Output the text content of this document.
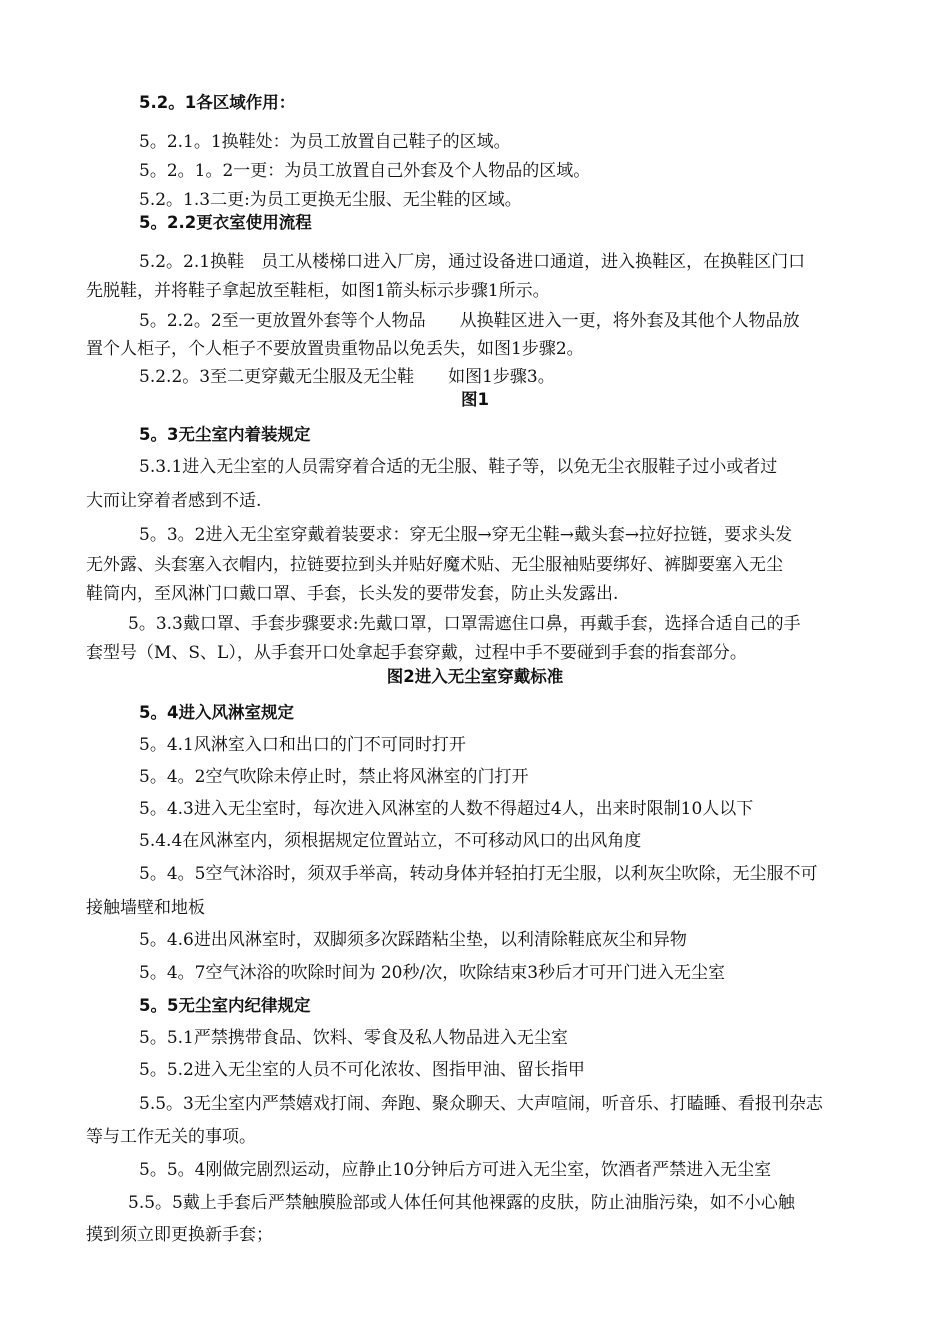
5.2。1各区域作用：
5。2.1。1换鞋处：为员工放置自己鞋子的区域。
5。2。1。2一更：为员工放置自己外套及个人物品的区域。
5.2。1.3二更:为员工更换无尘服、无尘鞋的区域。
5。2.2更衣室使用流程
5.2。2.1换鞋　员工从楼梯口进入厂房，通过设备进口通道，进入换鞋区，在换鞋区门口
先脱鞋，并将鞋子拿起放至鞋柜，如图1箭头标示步骤1所示。
5。2.2。2至一更放置外套等个人物品　　从换鞋区进入一更，将外套及其他个人物品放
置个人柜子，个人柜子不要放置贵重物品以免丢失，如图1步骤2。
5.2.2。3至二更穿戴无尘服及无尘鞋　　如图1步骤3。
图1
5。3无尘室内着装规定
5.3.1进入无尘室的人员需穿着合适的无尘服、鞋子等，以免无尘衣服鞋子过小或者过
大而让穿着者感到不适.
5。3。2进入无尘室穿戴着装要求：穿无尘服→穿无尘鞋→戴头套→拉好拉链，要求头发
无外露、头套塞入衣帽内，拉链要拉到头并贴好魔术贴、无尘服袖贴要绑好、裤脚要塞入无尘
鞋筒内，至风淋门口戴口罩、手套，长头发的要带发套，防止头发露出.
5。3.3戴口罩、手套步骤要求:先戴口罩，口罩需遮住口鼻，再戴手套，选择合适自己的手
套型号（M、S、L），从手套开口处拿起手套穿戴，过程中手不要碰到手套的指套部分。
图2进入无尘室穿戴标准
5。4进入风淋室规定
5。4.1风淋室入口和出口的门不可同时打开
5。4。2空气吹除未停止时，禁止将风淋室的门打开
5。4.3进入无尘室时，每次进入风淋室的人数不得超过4人，出来时限制10人以下
5.4.4在风淋室内，须根据规定位置站立，不可移动风口的出风角度
5。4。5空气沐浴时，须双手举高，转动身体并轻拍打无尘服，以利灰尘吹除，无尘服不可
接触墙壁和地板
5。4.6进出风淋室时，双脚须多次踩踏粘尘垫，以利清除鞋底灰尘和异物
5。4。7空气沐浴的吹除时间为 20秒/次，吹除结束3秒后才可开门进入无尘室
5。5无尘室内纪律规定
5。5.1严禁携带食品、饮料、零食及私人物品进入无尘室
5。5.2进入无尘室的人员不可化浓妆、图指甲油、留长指甲
5.5。3无尘室内严禁嬉戏打闹、奔跑、聚众聊天、大声喧闹，听音乐、打瞌睡、看报刊杂志
等与工作无关的事项。
5。5。4刚做完剧烈运动，应静止10分钟后方可进入无尘室，饮酒者严禁进入无尘室
5.5。5戴上手套后严禁触膜脸部或人体任何其他裸露的皮肤，防止油脂污染，如不小心触
摸到须立即更换新手套；
